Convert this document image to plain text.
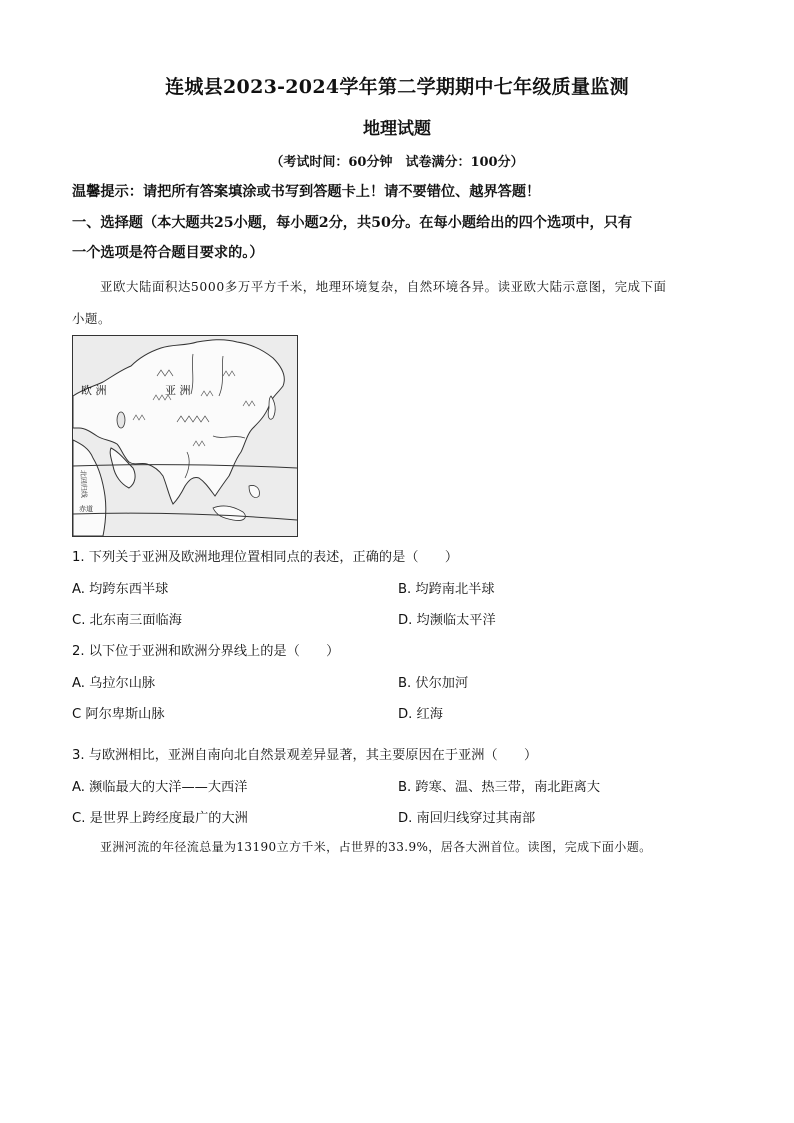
连城县2023-2024学年第二学期期中七年级质量监测
地理试题
（考试时间：60分钟　试卷满分：100分）
温馨提示：请把所有答案填涂或书写到答题卡上！请不要错位、越界答题！
一、选择题（本大题共25小题，每小题2分，共50分。在每小题给出的四个选项中，只有
一个选项是符合题目要求的。）
亚欧大陆面积达5000多万平方千米，地理环境复杂，自然环境各异。读亚欧大陆示意图，完成下面
小题。
欧 洲	亚 洲
北回归线
赤道
1. 下列关于亚洲及欧洲地理位置相同点的表述，正确的是（　　）
A. 均跨东西半球	B. 均跨南北半球
C. 北东南三面临海	D. 均濒临太平洋
2. 以下位于亚洲和欧洲分界线上的是（　　）
A. 乌拉尔山脉	B. 伏尔加河
C 阿尔卑斯山脉	D. 红海
3. 与欧洲相比，亚洲自南向北自然景观差异显著，其主要原因在于亚洲（　　）
A. 濒临最大的大洋——大西洋	B. 跨寒、温、热三带，南北距离大
C. 是世界上跨经度最广的大洲	D. 南回归线穿过其南部
亚洲河流的年径流总量为13190立方千米，占世界的33.9%，居各大洲首位。读图，完成下面小题。
